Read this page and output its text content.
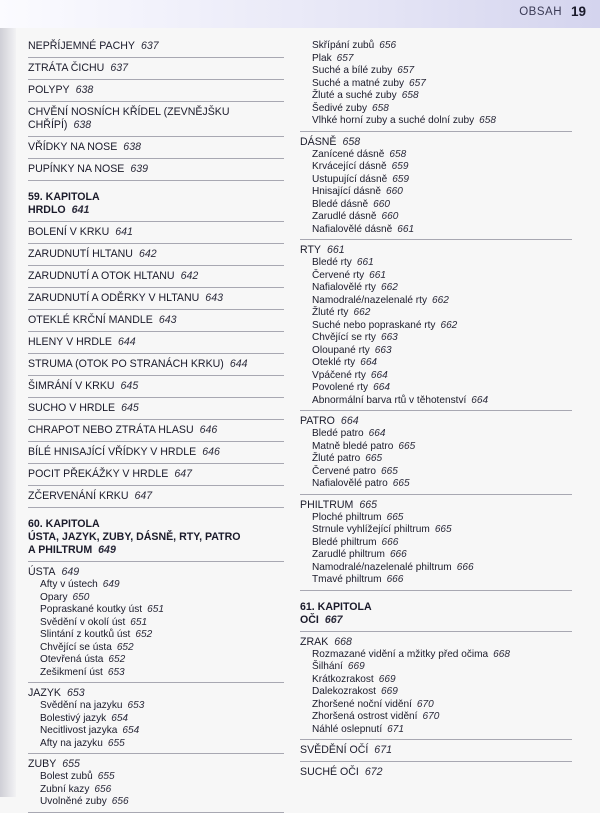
OBSAH 19
NEPŘÍJEMNÉ PACHY 637
ZTRÁTA ČICHU 637
POLYPY 638
CHVĚNÍ NOSNÍCH KŘÍDEL (ZEVNĚJŠKU CHŘÍPÍ) 638
VŘÍDKY NA NOSE 638
PUPÍNKY NA NOSE 639
59. KAPITOLA
HRDLO 641
BOLENÍ V KRKU 641
ZARUDNUTÍ HLTANU 642
ZARUDNUTÍ A OTOK HLTANU 642
ZARUDNUTÍ A ODĚRKY V HLTANU 643
OTEKLÉ KRČNÍ MANDLE 643
HLENY V HRDLE 644
STRUMA (OTOK PO STRANÁCH KRKU) 644
ŠIMRÁNÍ V KRKU 645
SUCHO V HRDLE 645
CHRAPOT NEBO ZTRÁTA HLASU 646
BÍLÉ HNISAJÍCÍ VŘÍDKY V HRDLE 646
POCIT PŘEKÁŽKY V HRDLE 647
ZČERVENÁNÍ KRKU 647
60. KAPITOLA
ÚSTA, JAZYK, ZUBY, DÁSNĚ, RTY, PATRO
A PHILTRUM 649
ÚSTA 649
Afty v ústech 649
Opary 650
Popraskané koutky úst 651
Svědění v okolí úst 651
Slintání z koutků úst 652
Chvějící se ústa 652
Otevřená ústa 652
Zešikmení úst 653
JAZYK 653
Svědění na jazyku 653
Bolestivý jazyk 654
Necitlivost jazyka 654
Afty na jazyku 655
ZUBY 655
Bolest zubů 655
Zubní kazy 656
Uvolněné zuby 656
Skřípání zubů 656
Plak 657
Suché a bílé zuby 657
Suché a matné zuby 657
Žluté a suché zuby 658
Šedivé zuby 658
Vlhké horní zuby a suché dolní zuby 658
DÁSNĚ 658
Zanícené dásně 658
Krvácející dásně 659
Ustupující dásně 659
Hnisající dásně 660
Bledé dásně 660
Zarudlé dásně 660
Nafialovělé dásně 661
RTY 661
Bledé rty 661
Červené rty 661
Nafialovělé rty 662
Namodralé/nazelenalé rty 662
Žluté rty 662
Suché nebo popraskané rty 662
Chvějící se rty 663
Oloupané rty 663
Oteklé rty 664
Vpáčené rty 664
Povolené rty 664
Abnormální barva rtů v těhotenství 664
PATRO 664
Bledé patro 664
Matně bledé patro 665
Žluté patro 665
Červené patro 665
Nafialovělé patro 665
PHILTRUM 665
Ploché philtrum 665
Strnule vyhlížející philtrum 665
Bledé philtrum 666
Zarudlé philtrum 666
Namodralé/nazelenalé philtrum 666
Tmavé philtrum 666
61. KAPITOLA
OČI 667
ZRAK 668
Rozmazané vidění a mžitky před očima 668
Šilhání 669
Krátkozrakost 669
Dalekozrakost 669
Zhoršené noční vidění 670
Zhoršená ostrost vidění 670
Náhlé oslepnutí 671
SVĚDĚNÍ OČÍ 671
SUCHÉ OČI 672
